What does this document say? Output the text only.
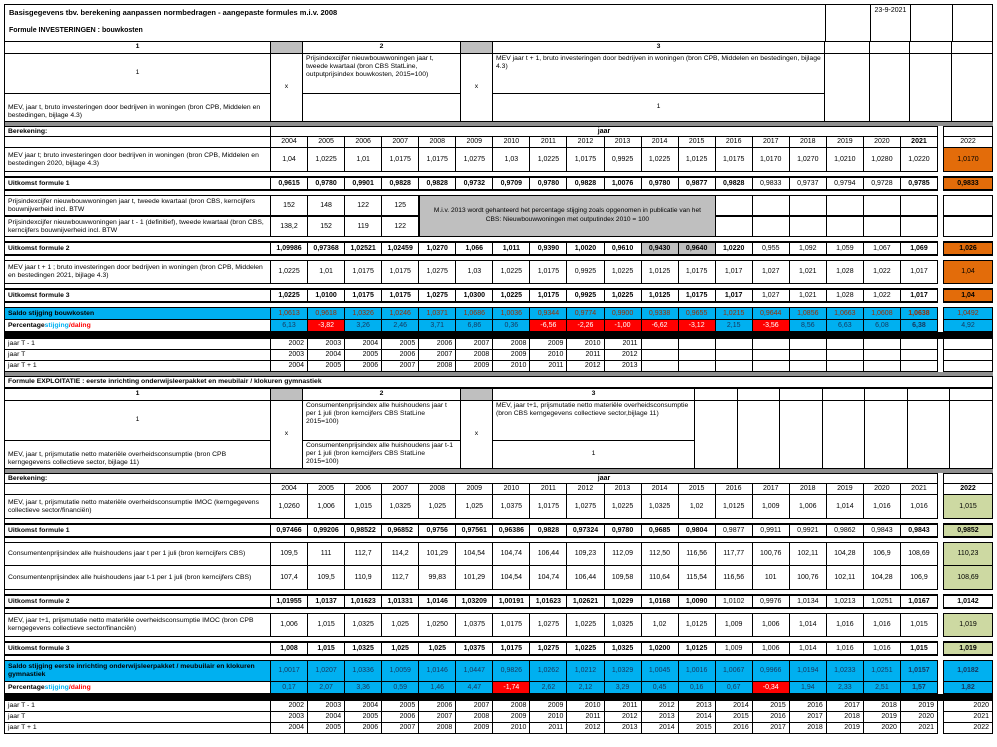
Basisgegevens tbv. berekening aanpassen normbedragen - aangepaste formules m.i.v. 2008
Formule INVESTERINGEN : bouwkosten
23-9-2021
1	2	3
1
MEV, jaar t, bruto investeringen door bedrijven in woningen (bron CPB, Middelen en bestedingen, bijlage 4.3)
x
Prijsindexcijfer nieuwbouwwoningen jaar t, tweede kwartaal (bron CBS StatLine, outputprijsindex bouwkosten, 2015=100)
x
MEV jaar t + 1, bruto investeringen door bedrijven in woningen (bron CPB, Middelen en bestedingen, bijlage 4.3)
1
Berekening:	jaar
2004	2005	2006	2007	2008	2009	2010	2011	2012	2013	2014	2015	2016	2017	2018	2019	2020	2021	2022
MEV jaar t; bruto investeringen door bedrijven in woningen (bron CPB, Middelen en bestedingen 2020, bijlage 4.3)
1,04	1,0225	1,01	1,0175	1,0175	1,0275	1,03	1,0225	1,0175	0,9925	1,0225	1,0125	1,0175	1,0170	1,0270	1,0210	1,0280	1,0220	1,0170
Uitkomst formule 1	0,9615	0,9780	0,9901	0,9828	0,9828	0,9732	0,9709	0,9780	0,9828	1,0076	0,9780	0,9877	0,9828	0,9833	0,9737	0,9794	0,9728	0,9785	0,9833
Prijsindexcijfer nieuwbouwwoningen jaar t, tweede kwartaal (bron CBS, kerncijfers bouwnijverheid incl. BTW
152	148	122	125
Prijsindexcijfer nieuwbouwwoningen jaar t - 1 (definitief), tweede kwartaal (bron CBS, kerncijfers bouwnijverheid incl. BTW
138,2	152	119	122
M.i.v. 2013 wordt gehanteerd het percentage stijging zoals opgenomen in publicatie van het CBS: Nieuwbouwwoningen met outputindex 2010 = 100
Uitkomst formule 2	1,09986	0,97368	1,02521	1,02459	1,0270	1,066	1,011	0,9390	1,0020	0,9610	0,9430	0,9640	1,0220	0,955	1,092	1,059	1,067	1,069	1,026
MEV jaar t + 1 ; bruto investeringen door bedrijven in woningen (bron CPB, Middelen en bestedingen 2021, bijlage 4.3)
1,0225	1,01	1,0175	1,0175	1,0275	1,03	1,0225	1,0175	0,9925	1,0225	1,0125	1,0175	1,017	1,027	1,021	1,028	1,022	1,017	1,04
Uitkomst formule 3	1,0225	1,0100	1,0175	1,0175	1,0275	1,0300	1,0225	1,0175	0,9925	1,0225	1,0125	1,0175	1,017	1,027	1,021	1,028	1,022	1,017	1,04
Saldo stijging bouwkosten	1,0613	0,9618	1,0326	1,0246	1,0371	1,0686	1,0036	0,9344	0,9774	0,9900	0,9338	0,9655	1,0215	0,9644	1,0856	1,0663	1,0608	1,0638	1,0492
Percentage stijging /daling	6,13	-3,82	3,26	2,46	3,71	6,86	0,36	-6,56	-2,26	-1,00	-6,62	-3,12	2,15	-3,56	8,56	6,63	6,08	6,38	4,92
jaar T - 1	2002	2003	2004	2005	2006	2007	2008	2009	2010	2011
jaar T	2003	2004	2005	2006	2007	2008	2009	2010	2011	2012
jaar T + 1	2004	2005	2006	2007	2008	2009	2010	2011	2012	2013
Formule EXPLOITATIE : eerste inrichting onderwijsleerpakket en meubilair / klokuren gymnastiek
1	2	3
1
MEV, jaar t, prijsmutatie netto materiële overheidsconsumptie (bron CPB kerngegevens collectieve sector, bijlage 11)
x
Consumentenprijsindex alle huishoudens jaar t per 1 juli (bron kerncijfers CBS StatLine 2015=100)
Consumentenprijsindex alle huishoudens jaar t-1 per 1 juli (bron kerncijfers CBS StatLine 2015=100)
x
MEV, jaar t+1, prijsmutatie netto materiële overheidsconsumptie (bron CBS kerngegevens collectieve sector,bijlage 11)
1
Berekening:	jaar
2004	2005	2006	2007	2008	2009	2010	2011	2012	2013	2014	2015	2016	2017	2018	2019	2020	2021	2022
MEV, jaar t, prijsmutatie netto materiële overheidsconsumptie IMOC (kerngegevens collectieve sector/financiën)
1,0260	1,006	1,015	1,0325	1,025	1,025	1,0375	1,0175	1,0275	1,0225	1,0325	1,02	1,0125	1,009	1,006	1,014	1,016	1,016	1,015
Uitkomst formule 1	0,97466	0,99206	0,98522	0,96852	0,9756	0,97561	0,96386	0,9828	0,97324	0,9780	0,9685	0,9804	0,9877	0,9911	0,9921	0,9862	0,9843	0,9843	0,9852
Consumentenprijsindex alle huishoudens jaar t per 1 juli (bron kerncijfers CBS)	109,5	111	112,7	114,2	101,29	104,54	104,74	106,44	109,23	112,09	112,50	116,56	117,77	100,76	102,11	104,28	106,9	108,69	110,23
Consumentenprijsindex alle huishoudens jaar t-1 per 1 juli (bron kerncijfers CBS)	107,4	109,5	110,9	112,7	99,83	101,29	104,54	104,74	106,44	109,58	110,64	115,54	116,56	101	100,76	102,11	104,28	106,9	108,69
Uitkomst formule 2	1,01955	1,0137	1,01623	1,01331	1,0146	1,03209	1,00191	1,01623	1,02621	1,0229	1,0168	1,0090	1,0102	0,9976	1,0134	1,0213	1,0251	1,0167	1,0142
MEV, jaar t+1, prijsmutatie netto materiële overheidsconsumptie IMOC (bron CPB kerngegevens collectieve sector/financiën)
1,006	1,015	1,0325	1,025	1,0250	1,0375	1,0175	1,0275	1,0225	1,0325	1,02	1,0125	1,009	1,006	1,014	1,016	1,016	1,015	1,019
Uitkomst formule 3	1,008	1,015	1,0325	1,025	1,025	1,0375	1,0175	1,0275	1,0225	1,0325	1,0200	1,0125	1,009	1,006	1,014	1,016	1,016	1,015	1,019
Saldo stijging eerste inrichting onderwijsleerpakket / meubuilair en klokuren gymnastiek
1,0017	1,0207	1,0336	1,0059	1,0146	1,0447	0,9826	1,0262	1,0212	1,0329	1,0045	1,0016	1,0067	0,9966	1,0194	1,0233	1,0251	1,0157	1,0182
Percentage stijging /daling	0,17	2,07	3,36	0,59	1,46	4,47	-1,74	2,62	2,12	3,29	0,45	0,16	0,67	-0,34	1,94	2,33	2,51	1,57	1,82
jaar T - 1	2002	2003	2004	2005	2006	2007	2008	2009	2010	2011	2012	2013	2014	2015	2016	2017	2018	2019	2020
jaar T	2003	2004	2005	2006	2007	2008	2009	2010	2011	2012	2013	2014	2015	2016	2017	2018	2019	2020	2021
jaar T + 1	2004	2005	2006	2007	2008	2009	2010	2011	2012	2013	2014	2015	2016	2017	2018	2019	2020	2021	2022
